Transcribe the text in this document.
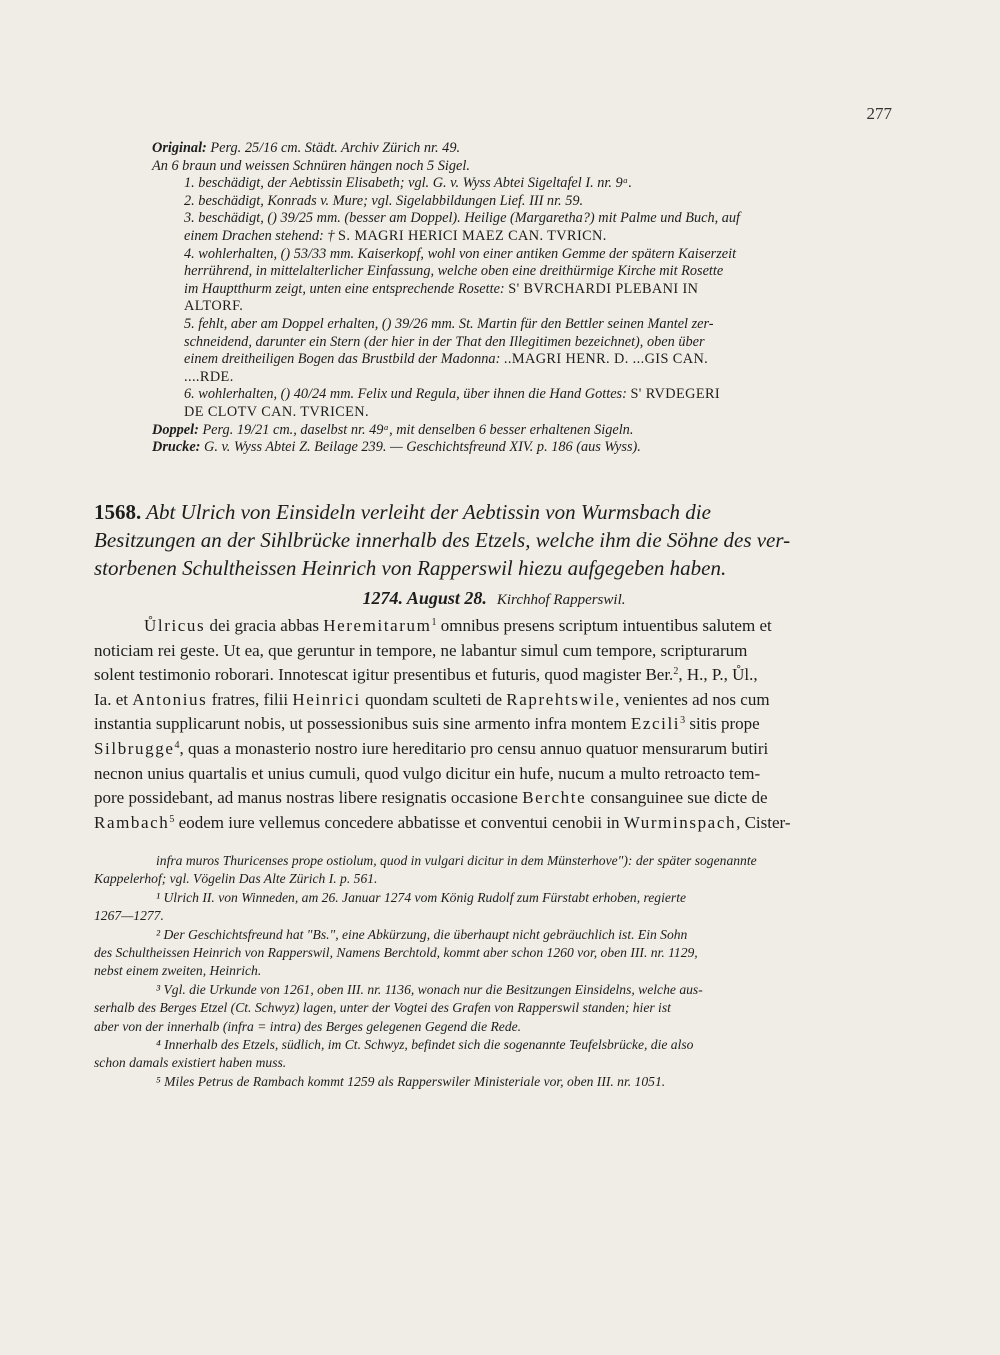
277
Original: Perg. 25/16 cm. Städt. Archiv Zürich nr. 49.
An 6 braun und weissen Schnüren hängen noch 5 Sigel.
1. beschädigt, der Aebtissin Elisabeth; vgl. G. v. Wyss Abtei Sigeltafel I. nr. 9ᵃ.
2. beschädigt, Konrads v. Mure; vgl. Sigelabbildungen Lief. III nr. 59.
3. beschädigt, () 39/25 mm. (besser am Doppel). Heilige (Margaretha?) mit Palme und Buch, auf
einem Drachen stehend: † S. MAGRI HERICI MAEZ CAN. TVRICN.
4. wohlerhalten, () 53/33 mm. Kaiserkopf, wohl von einer antiken Gemme der spätern Kaiserzeit
herrührend, in mittelalterlicher Einfassung, welche oben eine dreithürmige Kirche mit Rosette
im Hauptthurm zeigt, unten eine entsprechende Rosette: S' BVRCHARDI PLEBANI IN
ALTORF.
5. fehlt, aber am Doppel erhalten, () 39/26 mm. St. Martin für den Bettler seinen Mantel zer-
schneidend, darunter ein Stern (der hier in der That den Illegitimen bezeichnet), oben über
einem dreitheiligen Bogen das Brustbild der Madonna: ..MAGRI HENR. D. ...GIS CAN.
....RDE.
6. wohlerhalten, () 40/24 mm. Felix und Regula, über ihnen die Hand Gottes: S' RVDEGERI
DE CLOTV CAN. TVRICEN.
Doppel: Perg. 19/21 cm., daselbst nr. 49ᵃ, mit denselben 6 besser erhaltenen Sigeln.
Drucke: G. v. Wyss Abtei Z. Beilage 239. — Geschichtsfreund XIV. p. 186 (aus Wyss).
1568. Abt Ulrich von Einsideln verleiht der Aebtissin von Wurmsbach die
Besitzungen an der Sihlbrücke innerhalb des Etzels, welche ihm die Söhne des ver-
storbenen Schultheissen Heinrich von Rapperswil hiezu aufgegeben haben.
1274. August 28. Kirchhof Rapperswil.
Ůlricus dei gracia abbas Heremitarum$^1$ omnibus presens scriptum intuentibus salutem et
noticiam rei geste. Ut ea, que geruntur in tempore, ne labantur simul cum tempore, scripturarum
solent testimonio roborari. Innotescat igitur presentibus et futuris, quod magister Ber.$^2$, H., P., Ůl.,
Ia. et Antonius fratres, filii Heinrici quondam sculteti de Raprehtswile, venientes ad nos cum
instantia supplicarunt nobis, ut possessionibus suis sine armento infra montem Ezcili$^3$ sitis prope
Silbrugge$^4$, quas a monasterio nostro iure hereditario pro censu annuo quatuor mensurarum butiri
necnon unius quartalis et unius cumuli, quod vulgo dicitur ein hufe, nucum a multo retroacto tem-
pore possidebant, ad manus nostras libere resignatis occasione Berchte consanguinee sue dicte de
Rambach$^5$ eodem iure vellemus concedere abbatisse et conventui cenobii in Wurminspach, Cister-
infra muros Thuricenses prope ostiolum, quod in vulgari dicitur in dem Münsterhove"): der später sogenannte
Kappelerhof; vgl. Vögelin Das Alte Zürich I. p. 561.
¹ Ulrich II. von Winneden, am 26. Januar 1274 vom König Rudolf zum Fürstabt erhoben, regierte
1267—1277.
² Der Geschichtsfreund hat "Bs.", eine Abkürzung, die überhaupt nicht gebräuchlich ist. Ein Sohn
des Schultheissen Heinrich von Rapperswil, Namens Berchtold, kommt aber schon 1260 vor, oben III. nr. 1129,
nebst einem zweiten, Heinrich.
³ Vgl. die Urkunde von 1261, oben III. nr. 1136, wonach nur die Besitzungen Einsidelns, welche aus-
serhalb des Berges Etzel (Ct. Schwyz) lagen, unter der Vogtei des Grafen von Rapperswil standen; hier ist
aber von der innerhalb (infra = intra) des Berges gelegenen Gegend die Rede.
⁴ Innerhalb des Etzels, südlich, im Ct. Schwyz, befindet sich die sogenannte Teufelsbrücke, die also
schon damals existiert haben muss.
⁵ Miles Petrus de Rambach kommt 1259 als Rapperswiler Ministeriale vor, oben III. nr. 1051.
